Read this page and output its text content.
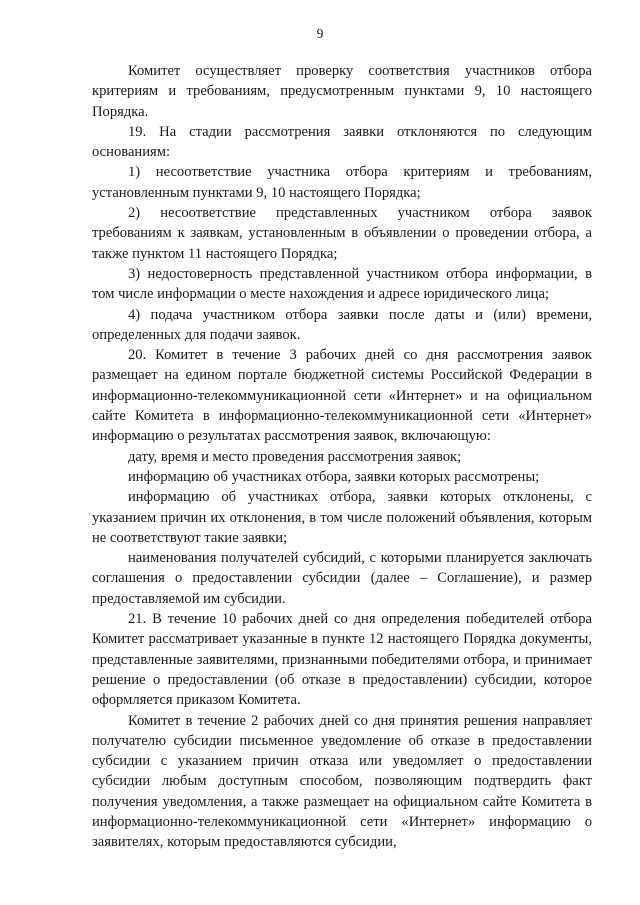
9

Комитет осуществляет проверку соответствия участников отбора критериям и требованиям, предусмотренным пунктами 9, 10 настоящего Порядка.

19. На стадии рассмотрения заявки отклоняются по следующим основаниям:

1) несоответствие участника отбора критериям и требованиям, установленным пунктами 9, 10 настоящего Порядка;

2) несоответствие представленных участником отбора заявок требованиям к заявкам, установленным в объявлении о проведении отбора, а также пунктом 11 настоящего Порядка;

3) недостоверность представленной участником отбора информации, в том числе информации о месте нахождения и адресе юридического лица;

4) подача участником отбора заявки после даты и (или) времени, определенных для подачи заявок.

20. Комитет в течение 3 рабочих дней со дня рассмотрения заявок размещает на едином портале бюджетной системы Российской Федерации в информационно-телекоммуникационной сети «Интернет» и на официальном сайте Комитета в информационно-телекоммуникационной сети «Интернет» информацию о результатах рассмотрения заявок, включающую:

дату, время и место проведения рассмотрения заявок;

информацию об участниках отбора, заявки которых рассмотрены;

информацию об участниках отбора, заявки которых отклонены, с указанием причин их отклонения, в том числе положений объявления, которым не соответствуют такие заявки;

наименования получателей субсидий, с которыми планируется заключать соглашения о предоставлении субсидии (далее – Соглашение), и размер предоставляемой им субсидии.

21. В течение 10 рабочих дней со дня определения победителей отбора Комитет рассматривает указанные в пункте 12 настоящего Порядка документы, представленные заявителями, признанными победителями отбора, и принимает решение о предоставлении (об отказе в предоставлении) субсидии, которое оформляется приказом Комитета.

Комитет в течение 2 рабочих дней со дня принятия решения направляет получателю субсидии письменное уведомление об отказе в предоставлении субсидии с указанием причин отказа или уведомляет о предоставлении субсидии любым доступным способом, позволяющим подтвердить факт получения уведомления, а также размещает на официальном сайте Комитета в информационно-телекоммуникационной сети «Интернет» информацию о заявителях, которым предоставляются субсидии,
